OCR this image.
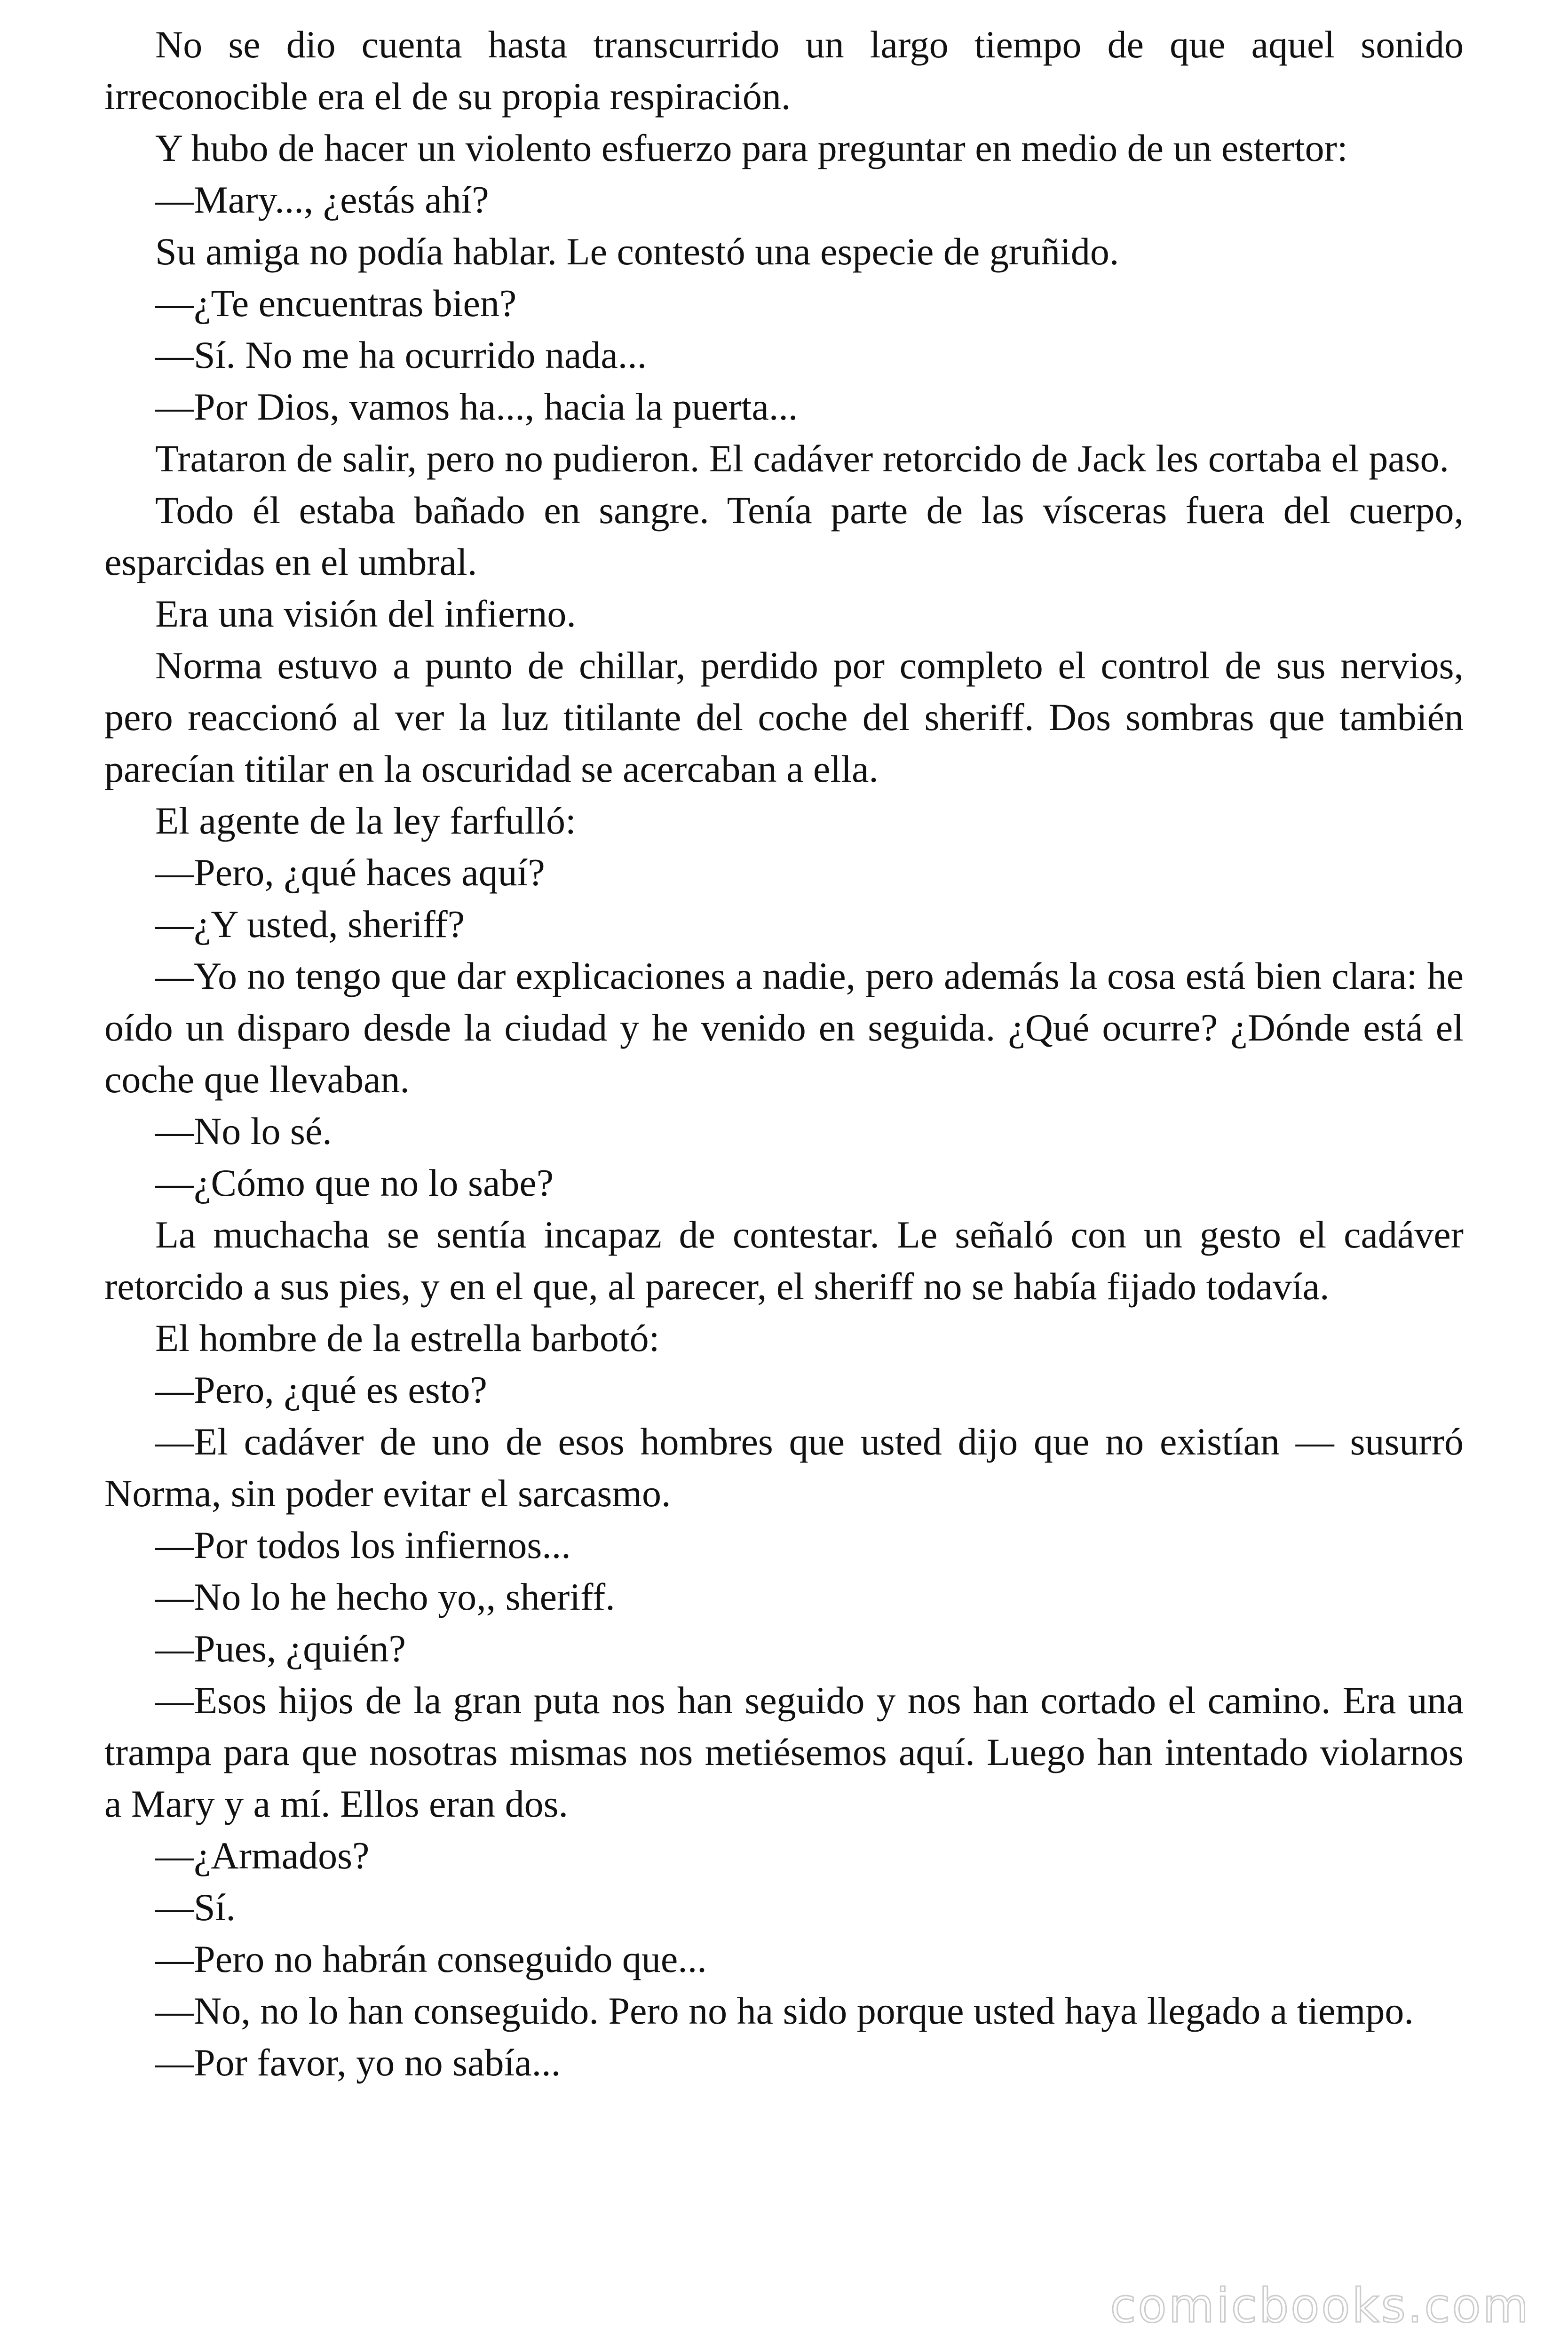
No se dio cuenta hasta transcurrido un largo tiempo de que aquel sonido irreconocible era el de su propia respiración.

Y hubo de hacer un violento esfuerzo para preguntar en medio de un estertor:

—Mary..., ¿estás ahí?

Su amiga no podía hablar. Le contestó una especie de gruñido.

—¿Te encuentras bien?

—Sí. No me ha ocurrido nada...

—Por Dios, vamos ha..., hacia la puerta...

Trataron de salir, pero no pudieron. El cadáver retorcido de Jack les cortaba el paso.

Todo él estaba bañado en sangre. Tenía parte de las vísceras fuera del cuerpo, esparcidas en el umbral.

Era una visión del infierno.

Norma estuvo a punto de chillar, perdido por completo el control de sus nervios, pero reaccionó al ver la luz titilante del coche del sheriff. Dos sombras que también parecían titilar en la oscuridad se acercaban a ella.

El agente de la ley farfulló:

—Pero, ¿qué haces aquí?

—¿Y usted, sheriff?

—Yo no tengo que dar explicaciones a nadie, pero además la cosa está bien clara: he oído un disparo desde la ciudad y he venido en seguida. ¿Qué ocurre? ¿Dónde está el coche que llevaban.

—No lo sé.

—¿Cómo que no lo sabe?

La muchacha se sentía incapaz de contestar. Le señaló con un gesto el cadáver retorcido a sus pies, y en el que, al parecer, el sheriff no se había fijado todavía.

El hombre de la estrella barbotó:

—Pero, ¿qué es esto?

—El cadáver de uno de esos hombres que usted dijo que no existían — susurró Norma, sin poder evitar el sarcasmo.

—Por todos los infiernos...

—No lo he hecho yo,, sheriff.

—Pues, ¿quién?

—Esos hijos de la gran puta nos han seguido y nos han cortado el camino. Era una trampa para que nosotras mismas nos metiésemos aquí. Luego han intentado violarnos a Mary y a mí. Ellos eran dos.

—¿Armados?

—Sí.

—Pero no habrán conseguido que...

—No, no lo han conseguido. Pero no ha sido porque usted haya llegado a tiempo.

—Por favor, yo no sabía...

comicbooks.com
